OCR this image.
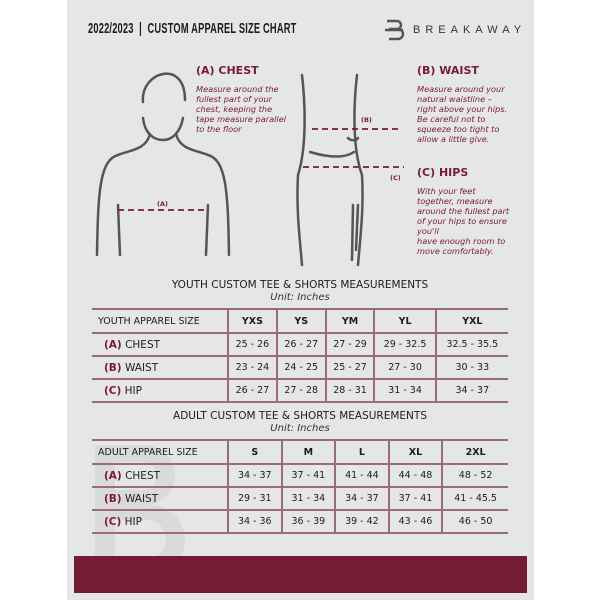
2022/2023  |  CUSTOM APPAREL SIZE CHART	BREAKAWAY
(A)
(B)
(C)
(A) CHEST
Measure around the
fullest part of your
chest, keeping the
tape measure parallel
to the floor
(B) WAIST
Measure around your
natural waistline –
right above your hips.
Be careful not to
squeeze too tight to
allow a little give.
(C) HIPS
With your feet
together, measure
around the fullest part
of your hips to ensure
you'll
have enough room to
move comfortably.
YOUTH CUSTOM TEE & SHORTS MEASUREMENTS
Unit: Inches
YOUTH APPAREL SIZE	YXS	YS	YM	YL	YXL
(A) CHEST	25 - 26	26 - 27	27 - 29	29 - 32.5	32.5 - 35.5
(B) WAIST	23 - 24	24 - 25	25 - 27	27 - 30	30 - 33
(C) HIP	26 - 27	27 - 28	28 - 31	31 - 34	34 - 37
ADULT CUSTOM TEE & SHORTS MEASUREMENTS
Unit: Inches
ADULT APPAREL SIZE	S	M	L	XL	2XL
(A) CHEST	34 - 37	37 - 41	41 - 44	44 - 48	48 - 52
(B) WAIST	29 - 31	31 - 34	34 - 37	37 - 41	41 - 45.5
(C) HIP	34 - 36	36 - 39	39 - 42	43 - 46	46 - 50
